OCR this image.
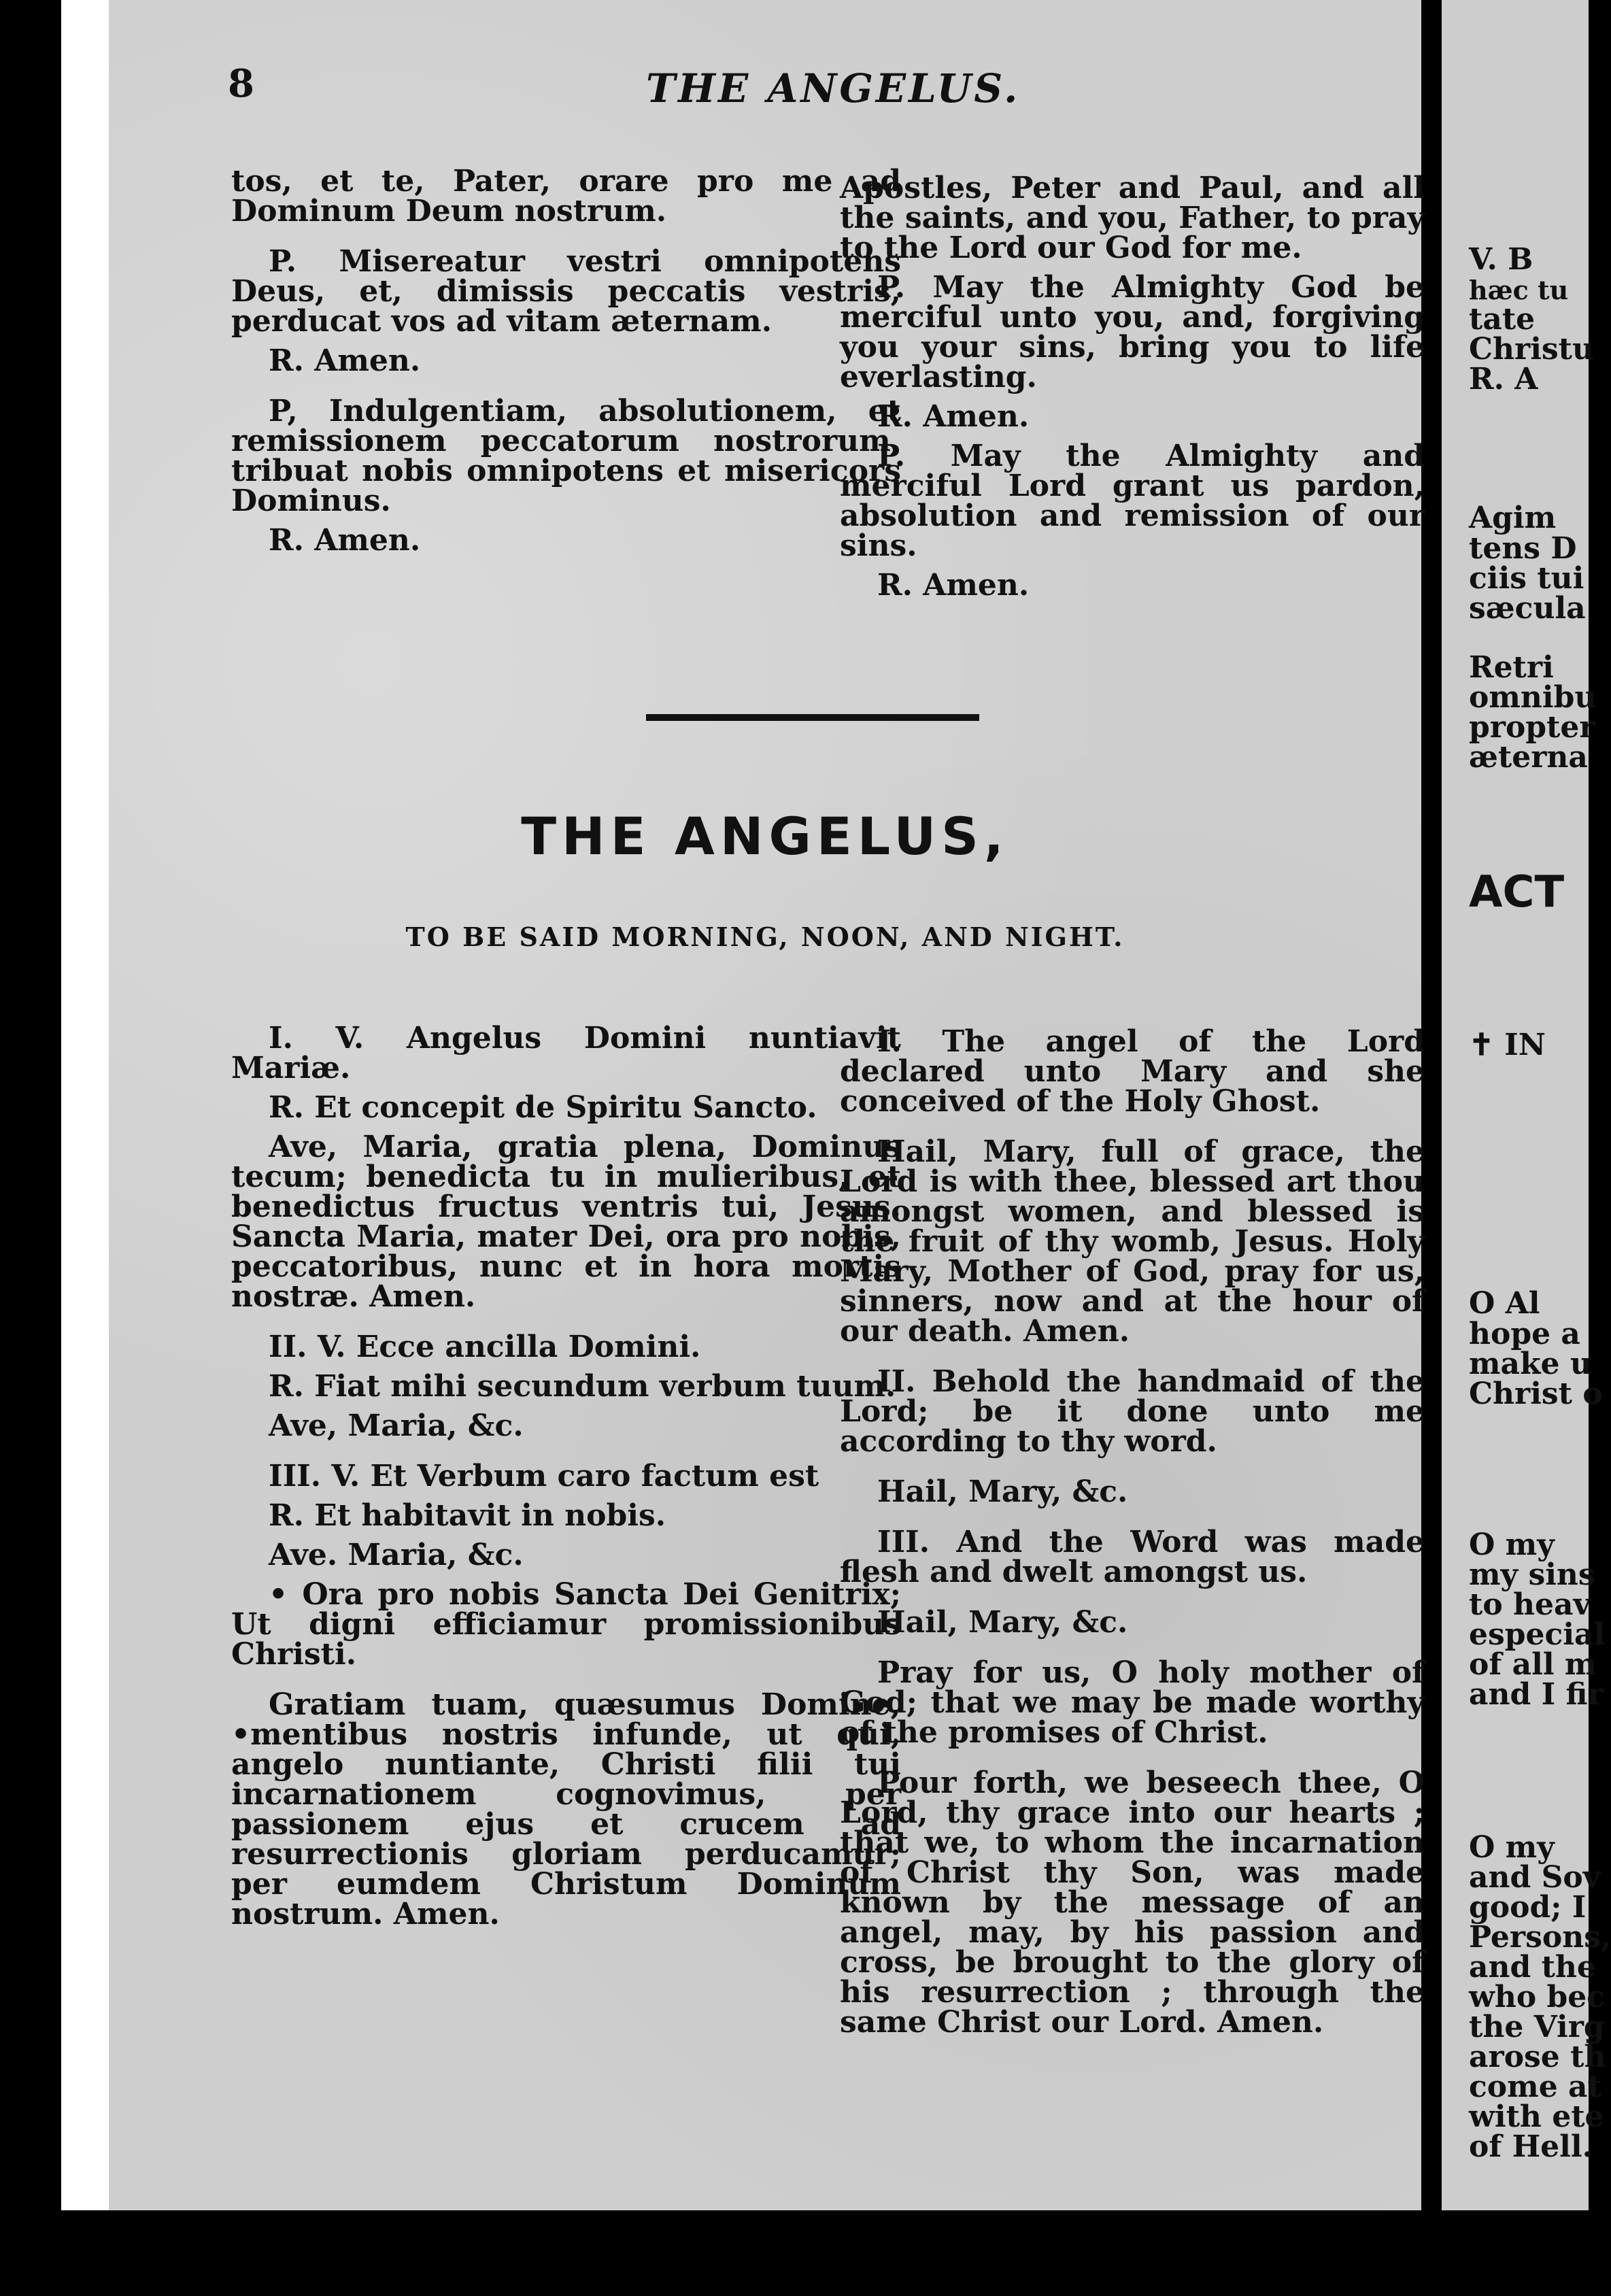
8	THE ANGELUS.

tos, et te, Pater, orare pro me ad Dominum Deum nostrum.

P. Misereatur vestri omnipotens Deus, et, dimissis peccatis vestris, perducat vos ad vitam æternam.

R. Amen.

P, Indulgentiam, absolutionem, et remissionem peccatorum nostrorum, tribuat nobis omnipotens et misericors Dominus.

R. Amen.

Apostles, Peter and Paul, and all the saints, and you, Father, to pray to the Lord our God for me.

P. May the Almighty God be merciful unto you, and, forgiving you your sins, bring you to life everlasting.

R. Amen.

P. May the Almighty and merciful Lord grant us pardon, absolution and remission of our sins.

R. Amen.

THE ANGELUS,
TO BE SAID MORNING, NOON, AND NIGHT.

I. V. Angelus Domini nuntiavit Mariæ.

R. Et concepit de Spiritu Sancto.

Ave, Maria, gratia plena, Dominus tecum; benedicta tu in mulieribus, et benedictus fructus ventris tui, Jesus. Sancta Maria, mater Dei, ora pro nobis, peccatoribus, nunc et in hora mortis nostræ. Amen.

II. V. Ecce ancilla Domini.

R. Fiat mihi secundum verbum tuum.

Ave, Maria, &c.

III. V. Et Verbum caro factum est

R. Et habitavit in nobis.

Ave. Maria, &c.

• Ora pro nobis Sancta Dei Genitrix; Ut digni efficiamur promissionibus Christi.

Gratiam tuam, quæsumus Domine, •mentibus nostris infunde, ut qui, angelo nuntiante, Christi filii tui incarnationem cognovimus, per passionem ejus et crucem ad resurrectionis gloriam perducamur; per eumdem Christum Dominum nostrum. Amen.

I. The angel of the Lord declared unto Mary and she conceived of the Holy Ghost.

Hail, Mary, full of grace, the Lord is with thee, blessed art thou amongst women, and blessed is the fruit of thy womb, Jesus. Holy Mary, Mother of God, pray for us, sinners, now and at the hour of our death. Amen.

II. Behold the handmaid of the Lord; be it done unto me according to thy word.

Hail, Mary, &c.

III. And the Word was made flesh and dwelt amongst us.

Hail, Mary, &c.

Pray for us, O holy mother of God; that we may be made worthy of the promises of Christ.

Pour forth, we beseech thee, O Lord, thy grace into our hearts ; that we, to whom the incarnation of Christ thy Son, was made known by the message of an angel, may, by his passion and cross, be brought to the glory of his resurrection ; through the same Christ our Lord. Amen.

V. B
hæc tu
tate
Christu
R. A
Agim
tens D
ciis tui
sæcula
Retri
omnibu
propter
æterna
ACT
✝ IN
O Al
hope a
make u
Christ o
O my
my sins
to heav
especial
of all m
and I fir
O my
and Sov
good; I
Persons,
and the
who bec
the Virg
arose th
come at
with ete
of Hell.
